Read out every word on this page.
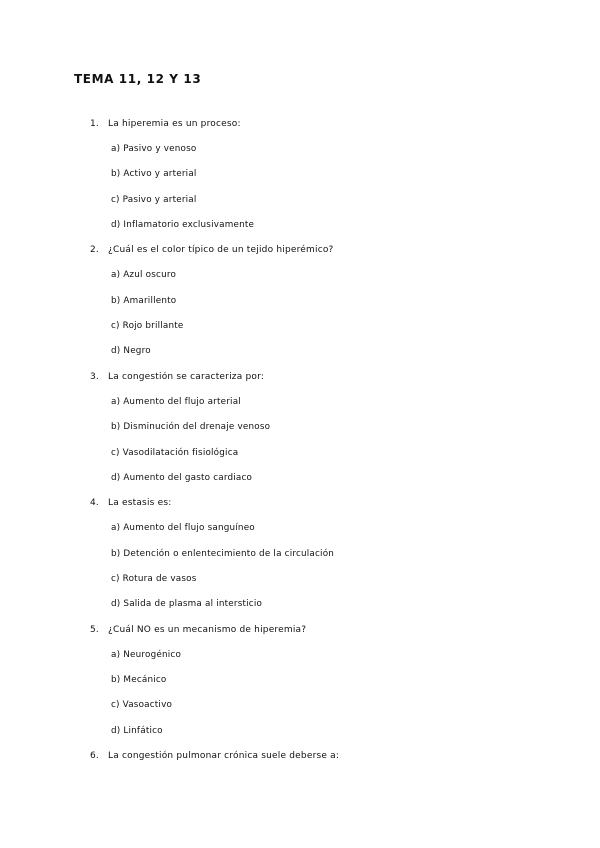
TEMA 11, 12 Y 13
1.	La hiperemia es un proceso:
a) Pasivo y venoso
b) Activo y arterial
c) Pasivo y arterial
d) Inflamatorio exclusivamente
2.	¿Cuál es el color típico de un tejido hiperémico?
a) Azul oscuro
b) Amarillento
c) Rojo brillante
d) Negro
3.	La congestión se caracteriza por:
a) Aumento del flujo arterial
b) Disminución del drenaje venoso
c) Vasodilatación fisiológica
d) Aumento del gasto cardiaco
4.	La estasis es:
a) Aumento del flujo sanguíneo
b) Detención o enlentecimiento de la circulación
c) Rotura de vasos
d) Salida de plasma al intersticio
5.	¿Cuál NO es un mecanismo de hiperemia?
a) Neurogénico
b) Mecánico
c) Vasoactivo
d) Linfático
6.	La congestión pulmonar crónica suele deberse a:
